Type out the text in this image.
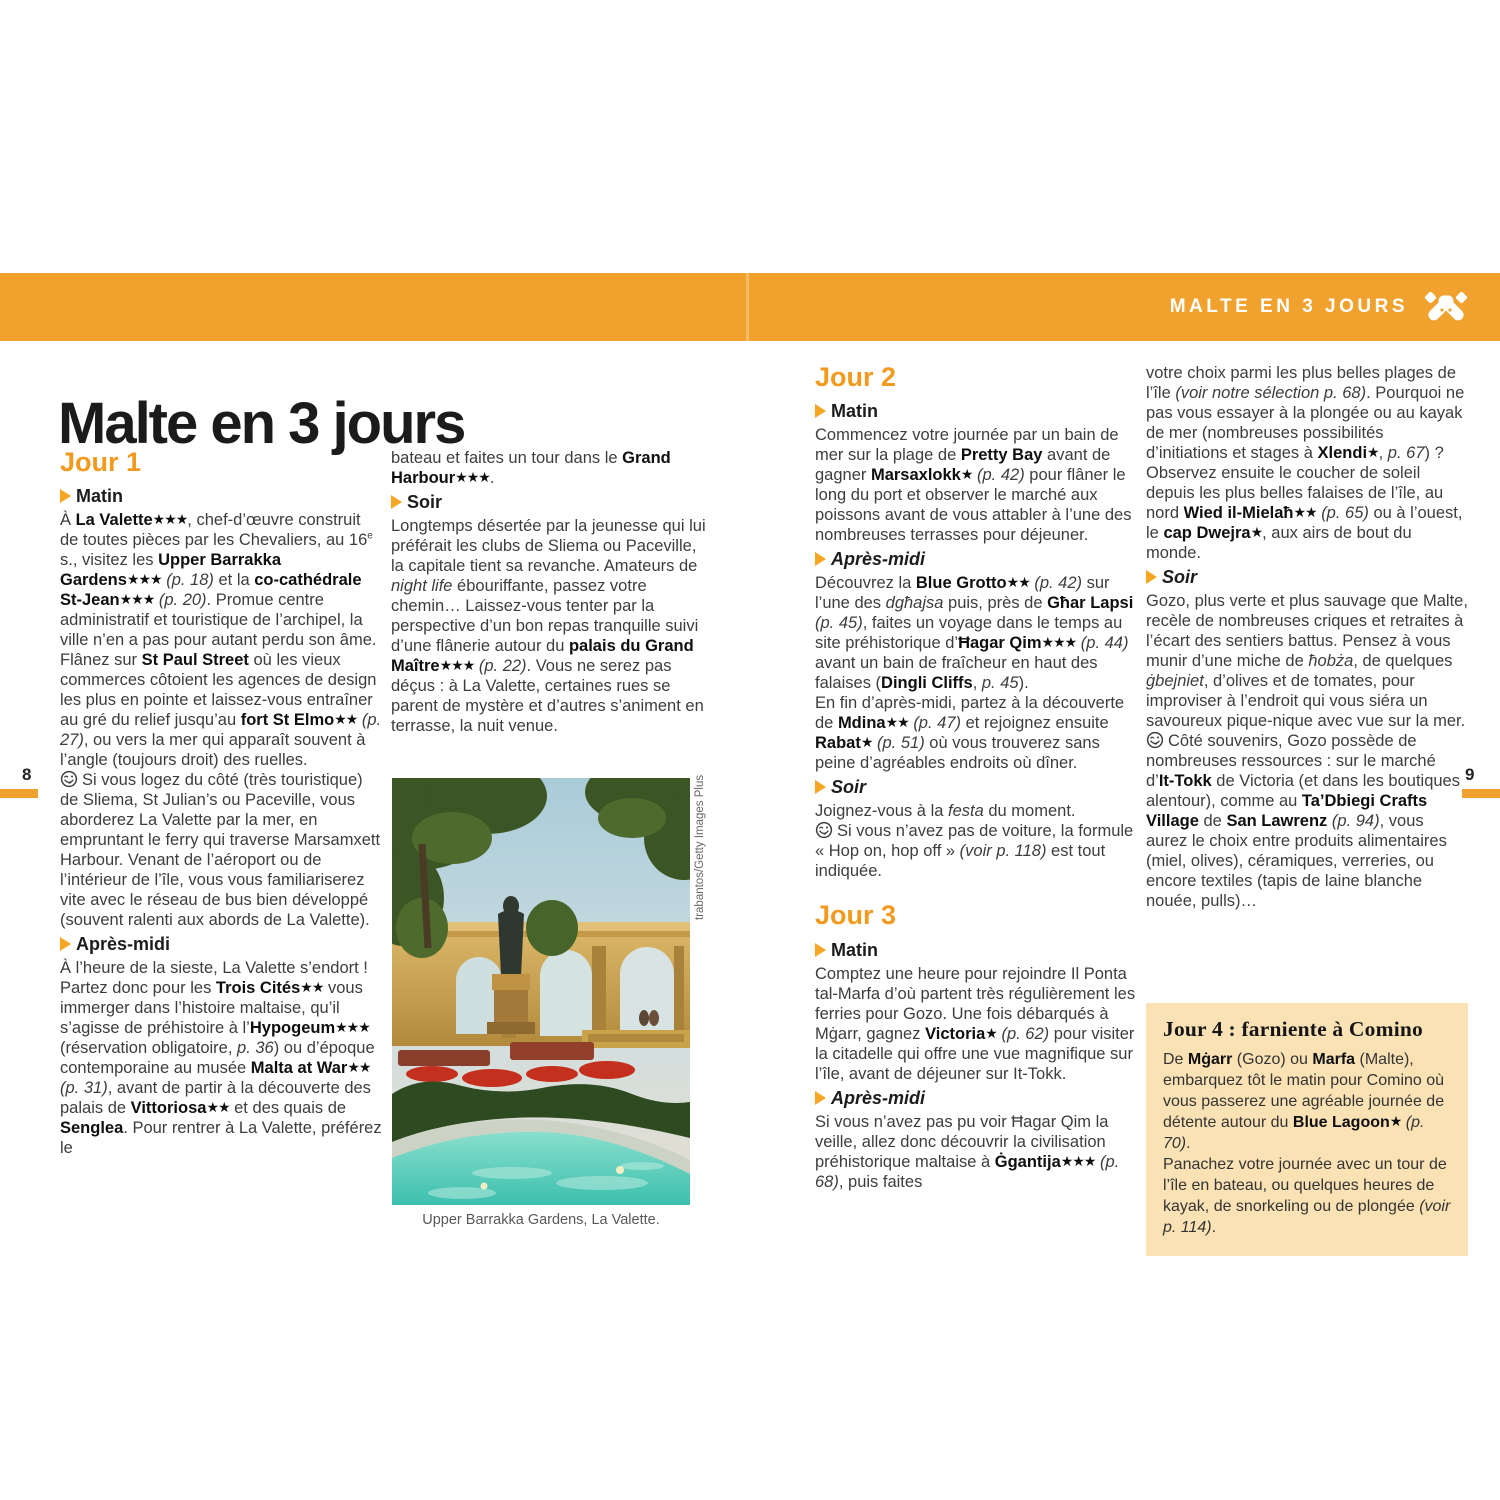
MALTE EN 3 JOURS
Malte en 3 jours
8	9
Jour 1
Matin

À La Valette★★★, chef-d’œuvre construit de toutes pièces par les Chevaliers, au 16e s., visitez les Upper Barrakka Gardens★★★ (p. 18) et la co-cathédrale St-Jean★★★ (p. 20). Promue centre administratif et touristique de l’archipel, la ville n’en a pas pour autant perdu son âme. Flânez sur St Paul Street où les vieux commerces côtoient les agences de design les plus en pointe et laissez-vous entraîner au gré du relief jusqu’au fort St Elmo★★ (p. 27), ou vers la mer qui apparaît souvent à l’angle (toujours droit) des ruelles.

Si vous logez du côté (très touristique) de Sliema, St Julian’s ou Paceville, vous aborderez La Valette par la mer, en empruntant le ferry qui traverse Marsamxett Harbour. Venant de l’aéroport ou de l’intérieur de l’île, vous vous familiariserez vite avec le réseau de bus bien développé (souvent ralenti aux abords de La Valette).

Après-midi

À l’heure de la sieste, La Valette s’endort ! Partez donc pour les Trois Cités★★ vous immerger dans l’histoire maltaise, qu’il s’agisse de préhistoire à l’Hypogeum★★★ (réservation obligatoire, p. 36) ou d’époque contemporaine au musée Malta at War★★ (p. 31), avant de partir à la découverte des palais de Vittoriosa★★ et des quais de Senglea. Pour rentrer à La Valette, préférez le

bateau et faites un tour dans le Grand Harbour★★★.

Soir

Longtemps désertée par la jeunesse qui lui préférait les clubs de Sliema ou Paceville, la capitale tient sa revanche. Amateurs de night life ébouriffante, passez votre chemin… Laissez-vous tenter par la perspective d’un bon repas tranquille suivi d’une flânerie autour du palais du Grand Maître★★★ (p. 22). Vous ne serez pas déçus : à La Valette, certaines rues se parent de mystère et d’autres s’animent en terrasse, la nuit venue.

Jour 2
Matin

Commencez votre journée par un bain de mer sur la plage de Pretty Bay avant de gagner Marsaxlokk★ (p. 42) pour flâner le long du port et observer le marché aux poissons avant de vous attabler à l’une des nombreuses terrasses pour déjeuner.

Après-midi

Découvrez la Blue Grotto★★ (p. 42) sur l’une des dgħajsa puis, près de Għar Lapsi (p. 45), faites un voyage dans le temps au site préhistorique d’Ħagar Qim★★★ (p. 44) avant un bain de fraîcheur en haut des falaises (Dingli Cliffs, p. 45).

En fin d’après-midi, partez à la découverte de Mdina★★ (p. 47) et rejoignez ensuite Rabat★ (p. 51) où vous trouverez sans peine d’agréables endroits où dîner.

Soir

Joignez-vous à la festa du moment.

Si vous n’avez pas de voiture, la formule « Hop on, hop off » (voir p. 118) est tout indiquée.

Jour 3
Matin

Comptez une heure pour rejoindre Il Ponta tal-Marfa d’où partent très régulièrement les ferries pour Gozo. Une fois débarqués à Mġarr, gagnez Victoria★ (p. 62) pour visiter la citadelle qui offre une vue magnifique sur l’île, avant de déjeuner sur It-Tokk.

Après-midi

Si vous n’avez pas pu voir Ħagar Qim la veille, allez donc découvrir la civilisation préhistorique maltaise à Ġgantija★★★ (p. 68), puis faites

votre choix parmi les plus belles plages de l’île (voir notre sélection p. 68). Pourquoi ne pas vous essayer à la plongée ou au kayak de mer (nombreuses possibilités d’initiations et stages à Xlendi★, p. 67) ? Observez ensuite le coucher de soleil depuis les plus belles falaises de l’île, au nord Wied il-Mielaħ★★ (p. 65) ou à l’ouest, le cap Dwejra★, aux airs de bout du monde.

Soir

Gozo, plus verte et plus sauvage que Malte, recèle de nombreuses criques et retraites à l’écart des sentiers battus. Pensez à vous munir d’une miche de ħobża, de quelques ġbejniet, d’olives et de tomates, pour improviser à l’endroit qui vous siéra un savoureux pique-nique avec vue sur la mer.

Côté souvenirs, Gozo possède de nombreuses ressources : sur le marché d’It-Tokk de Victoria (et dans les boutiques alentour), comme au Ta’Dbiegi Crafts Village de San Lawrenz (p. 94), vous aurez le choix entre produits alimentaires (miel, olives), céramiques, verreries, ou encore textiles (tapis de laine blanche nouée, pulls)…

Upper Barrakka Gardens, La Valette.
trabantos/Getty Images Plus
Jour 4 : farniente à Comino

De Mġarr (Gozo) ou Marfa (Malte), embarquez tôt le matin pour Comino où vous passerez une agréable journée de détente autour du Blue Lagoon★ (p. 70).

Panachez votre journée avec un tour de l’île en bateau, ou quelques heures de kayak, de snorkeling ou de plongée (voir p. 114).
